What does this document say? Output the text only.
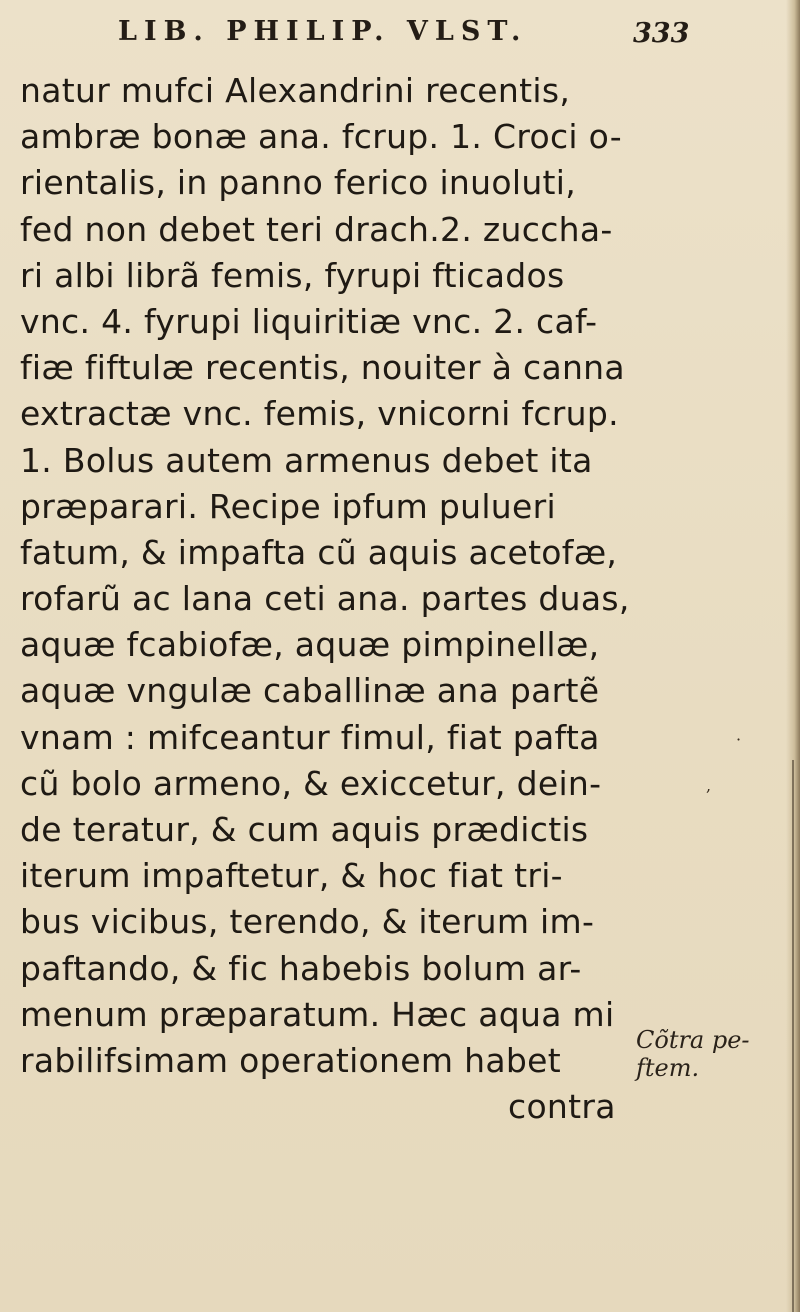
LIB. PHILIP. VLST.	333
natur mufci Alexandrini recentis,
ambræ bonæ ana. fcrup. 1. Croci o-
rientalis, in panno ferico inuoluti,
fed non debet teri drach.2. zuccha-
ri albi librã femis, fyrupi fticados
vnc. 4. fyrupi liquiritiæ vnc. 2. caf-
fiæ fiftulæ recentis, nouiter à canna
extractæ vnc. femis, vnicorni fcrup.
1. Bolus autem armenus debet ita
præparari. Recipe ipfum pulueri
fatum, & impafta cũ aquis acetofæ,
rofarũ ac lana ceti ana. partes duas,
aquæ fcabiofæ, aquæ pimpinellæ,
aquæ vngulæ caballinæ ana partẽ
vnam : mifceantur fimul, fiat pafta
cũ bolo armeno, & exiccetur, dein-
de teratur, & cum aquis prædictis
iterum impaftetur, & hoc fiat tri-
bus vicibus, terendo, & iterum im-
paftando, & fic habebis bolum ar-
menum præparatum. Hæc aqua mi
rabilifsimam operationem habet
contra
Cõtra pe-
ftem.
·
,
